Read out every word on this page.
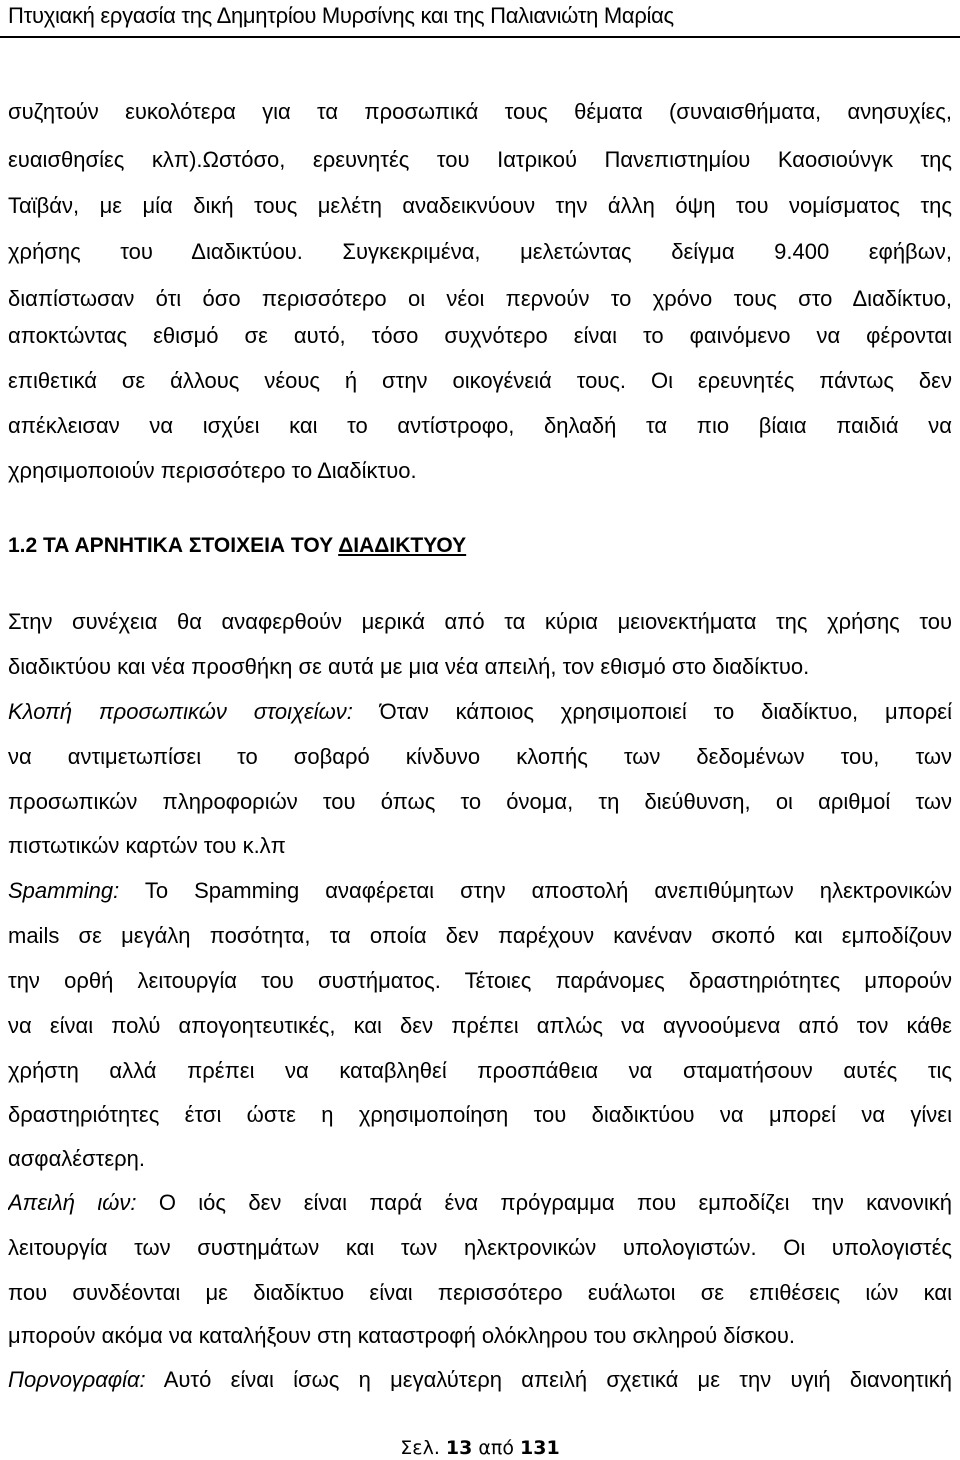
Πτυχιακή εργασία της Δημητρίου Μυρσίνης και της Παλιανιώτη Μαρίας
συζητούν ευκολότερα για τα προσωπικά τους θέματα (συναισθήματα, ανησυχίες,
ευαισθησίες κλπ).Ωστόσο, ερευνητές του Ιατρικού Πανεπιστημίου Καοσιούνγκ της
Ταϊβάν, με μία δική τους μελέτη αναδεικνύουν την άλλη όψη του νομίσματος της
χρήσης του Διαδικτύου. Συγκεκριμένα, μελετώντας δείγμα 9.400 εφήβων,
διαπίστωσαν ότι όσο περισσότερο οι νέοι περνούν το χρόνο τους στο Διαδίκτυο,
αποκτώντας εθισμό σε αυτό, τόσο συχνότερο είναι το φαινόμενο να φέρονται
επιθετικά σε άλλους νέους ή στην οικογένειά τους. Οι ερευνητές πάντως δεν
απέκλεισαν να ισχύει και το αντίστροφο, δηλαδή τα πιο βίαια παιδιά να
χρησιμοποιούν περισσότερο το Διαδίκτυο.
1.2 ΤΑ ΑΡΝΗΤΙΚΑ ΣΤΟΙΧΕΙΑ ΤΟΥ ΔΙΑΔΙΚΤΥΟΥ
Στην συνέχεια θα αναφερθούν μερικά από τα κύρια μειονεκτήματα της χρήσης του
διαδικτύου και νέα προσθήκη σε αυτά με μια νέα απειλή, τον εθισμό στο διαδίκτυο.
Κλοπή προσωπικών στοιχείων: Όταν κάποιος χρησιμοποιεί το διαδίκτυο, μπορεί
να αντιμετωπίσει το σοβαρό κίνδυνο κλοπής των δεδομένων του, των
προσωπικών πληροφοριών του όπως το όνομα, τη διεύθυνση, οι αριθμοί των
πιστωτικών καρτών του κ.λπ
Spamming: To Spamming αναφέρεται στην αποστολή ανεπιθύμητων ηλεκτρονικών
mails σε μεγάλη ποσότητα, τα οποία δεν παρέχουν κανέναν σκοπό και εμποδίζουν
την ορθή λειτουργία του συστήματος. Τέτοιες παράνομες δραστηριότητες μπορούν
να είναι πολύ απογοητευτικές, και δεν πρέπει απλώς να αγνοούμενα από τον κάθε
χρήστη αλλά πρέπει να καταβληθεί προσπάθεια να σταματήσουν αυτές τις
δραστηριότητες έτσι ώστε η χρησιμοποίηση του διαδικτύου να μπορεί να γίνει
ασφαλέστερη.
Απειλή ιών: Ο ιός δεν είναι παρά ένα πρόγραμμα που εμποδίζει την κανονική
λειτουργία των συστημάτων και των ηλεκτρονικών υπολογιστών. Οι υπολογιστές
που συνδέονται με διαδίκτυο είναι περισσότερο ευάλωτοι σε επιθέσεις ιών και
μπορούν ακόμα να καταλήξουν στη καταστροφή ολόκληρου του σκληρού δίσκου.
Πορνογραφία: Αυτό είναι ίσως η μεγαλύτερη απειλή σχετικά με την υγιή διανοητική
Σελ. 13 από 131
